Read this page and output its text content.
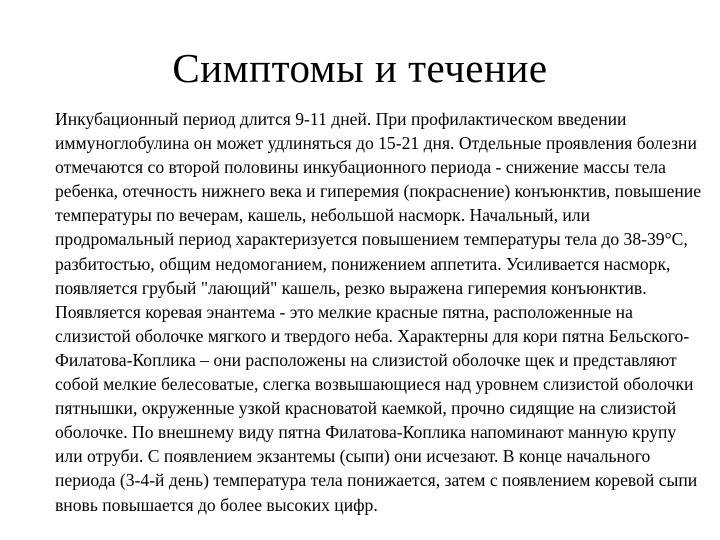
Симптомы и течение

Инкубационный период длится 9-11 дней. При профилактическом введении иммуноглобулина он может удлиняться до 15-21 дня. Отдельные проявления болезни отмечаются со второй половины инкубационного периода - снижение массы тела ребенка, отечность нижнего века и гиперемия (покраснение) конъюнктив, повышение температуры по вечерам, кашель, небольшой насморк. Начальный, или продромальный период характеризуется повышением температуры тела до 38-39°С, разбитостью, общим недомоганием, понижением аппетита. Усиливается насморк, появляется грубый "лающий" кашель, резко выражена гиперемия конъюнктив. Появляется коревая энантема - это мелкие красные пятна, расположенные на слизистой оболочке мягкого и твердого неба. Характерны для кори пятна Бельского-Филатова-Коплика – они расположены на слизистой оболочке щек и представляют собой мелкие белесоватые, слегка возвышающиеся над уровнем слизистой оболочки пятнышки, окруженные узкой красноватой каемкой, прочно сидящие на слизистой оболочке. По внешнему виду пятна Филатова-Коплика напоминают манную крупу или отруби. С появлением экзантемы (сыпи) они исчезают. В конце начального периода (3-4-й день) температура тела понижается, затем с появлением коревой сыпи вновь повышается до более высоких цифр.
